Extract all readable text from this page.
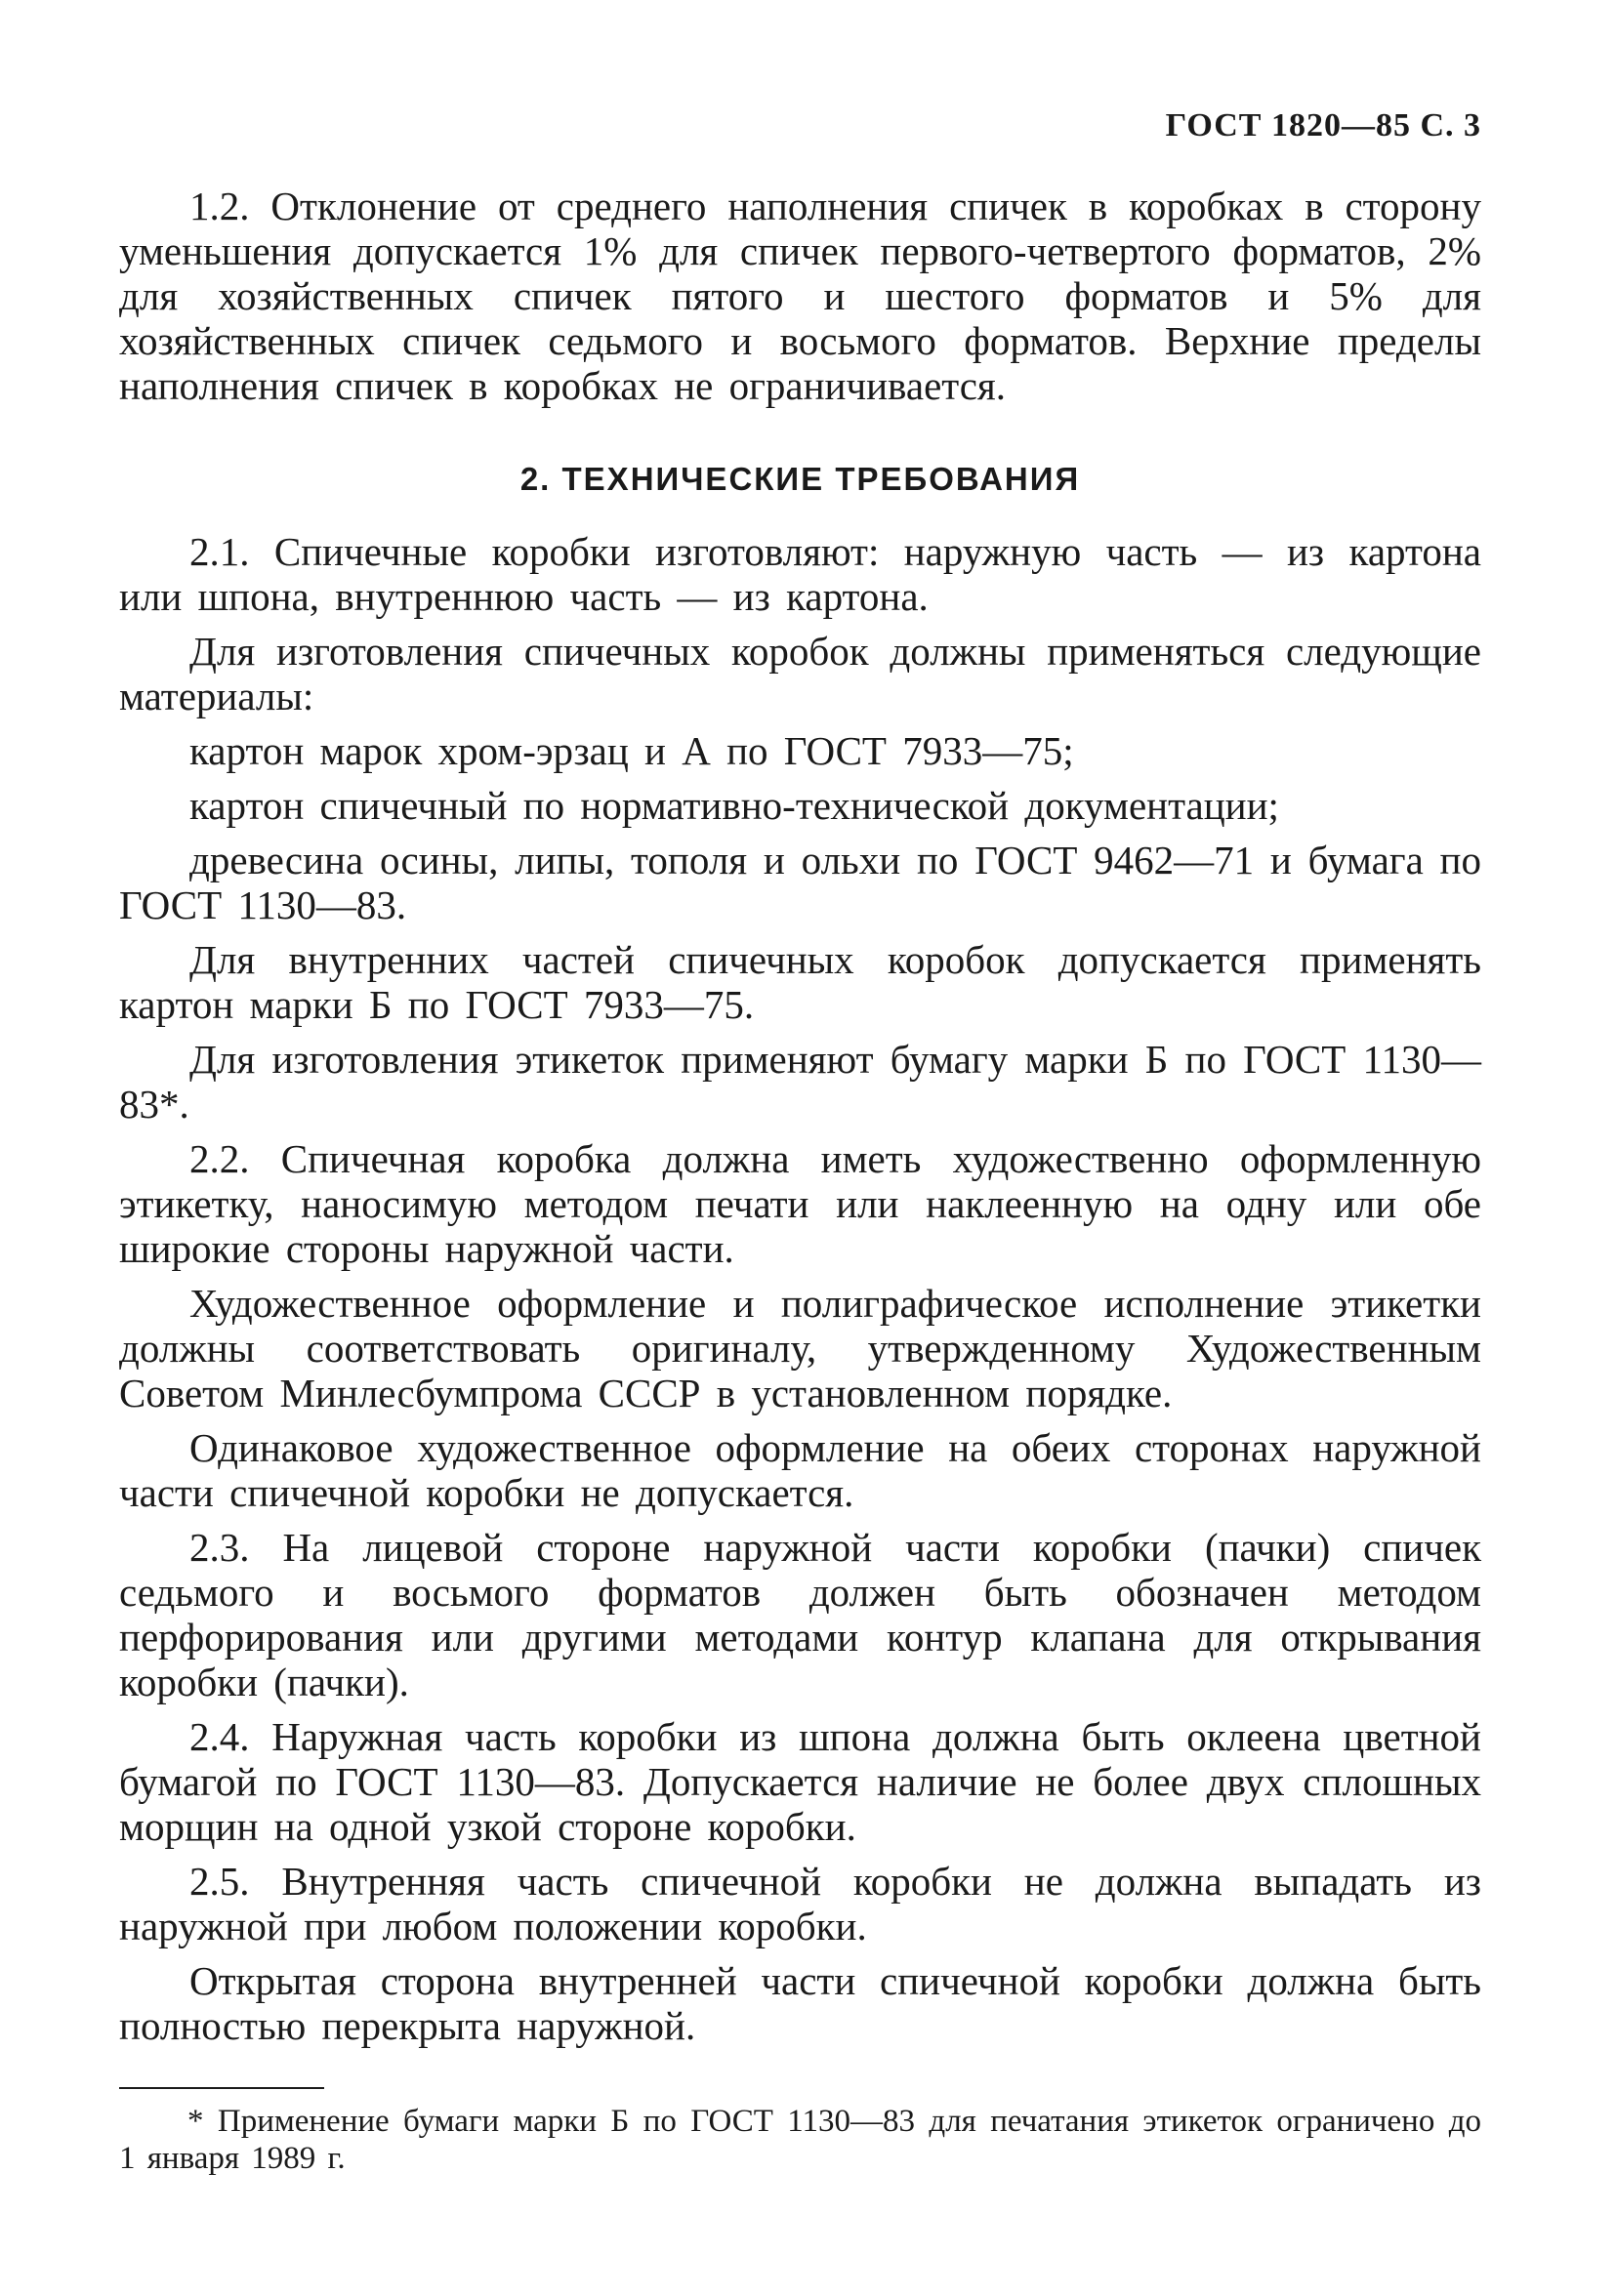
ГОСТ 1820—85 С. 3

1.2. Отклонение от среднего наполнения спичек в коробках в сторону уменьшения допускается 1% для спичек первого-четвертого форматов, 2% для хозяйственных спичек пятого и шестого форматов и 5% для хозяйственных спичек седьмого и восьмого форматов. Верхние пределы наполнения спичек в коробках не ограничивается.

2. ТЕХНИЧЕСКИЕ ТРЕБОВАНИЯ

2.1. Спичечные коробки изготовляют: наружную часть — из картона или шпона, внутреннюю часть — из картона.

Для изготовления спичечных коробок должны применяться следующие материалы:

картон марок хром-эрзац и А по ГОСТ 7933—75;

картон спичечный по нормативно-технической документации;

древесина осины, липы, тополя и ольхи по ГОСТ 9462—71 и бумага по ГОСТ 1130—83.

Для внутренних частей спичечных коробок допускается применять картон марки Б по ГОСТ 7933—75.

Для изготовления этикеток применяют бумагу марки Б по ГОСТ 1130—83*.

2.2. Спичечная коробка должна иметь художественно оформленную этикетку, наносимую методом печати или наклеенную на одну или обе широкие стороны наружной части.

Художественное оформление и полиграфическое исполнение этикетки должны соответствовать оригиналу, утвержденному Художественным Советом Минлесбумпрома СССР в установленном порядке.

Одинаковое художественное оформление на обеих сторонах наружной части спичечной коробки не допускается.

2.3. На лицевой стороне наружной части коробки (пачки) спичек седьмого и восьмого форматов должен быть обозначен методом перфорирования или другими методами контур клапана для открывания коробки (пачки).

2.4. Наружная часть коробки из шпона должна быть оклеена цветной бумагой по ГОСТ 1130—83. Допускается наличие не более двух сплошных морщин на одной узкой стороне коробки.

2.5. Внутренняя часть спичечной коробки не должна выпадать из наружной при любом положении коробки.

Открытая сторона внутренней части спичечной коробки должна быть полностью перекрыта наружной.

* Применение бумаги марки Б по ГОСТ 1130—83 для печатания этикеток ограничено до 1 января 1989 г.
